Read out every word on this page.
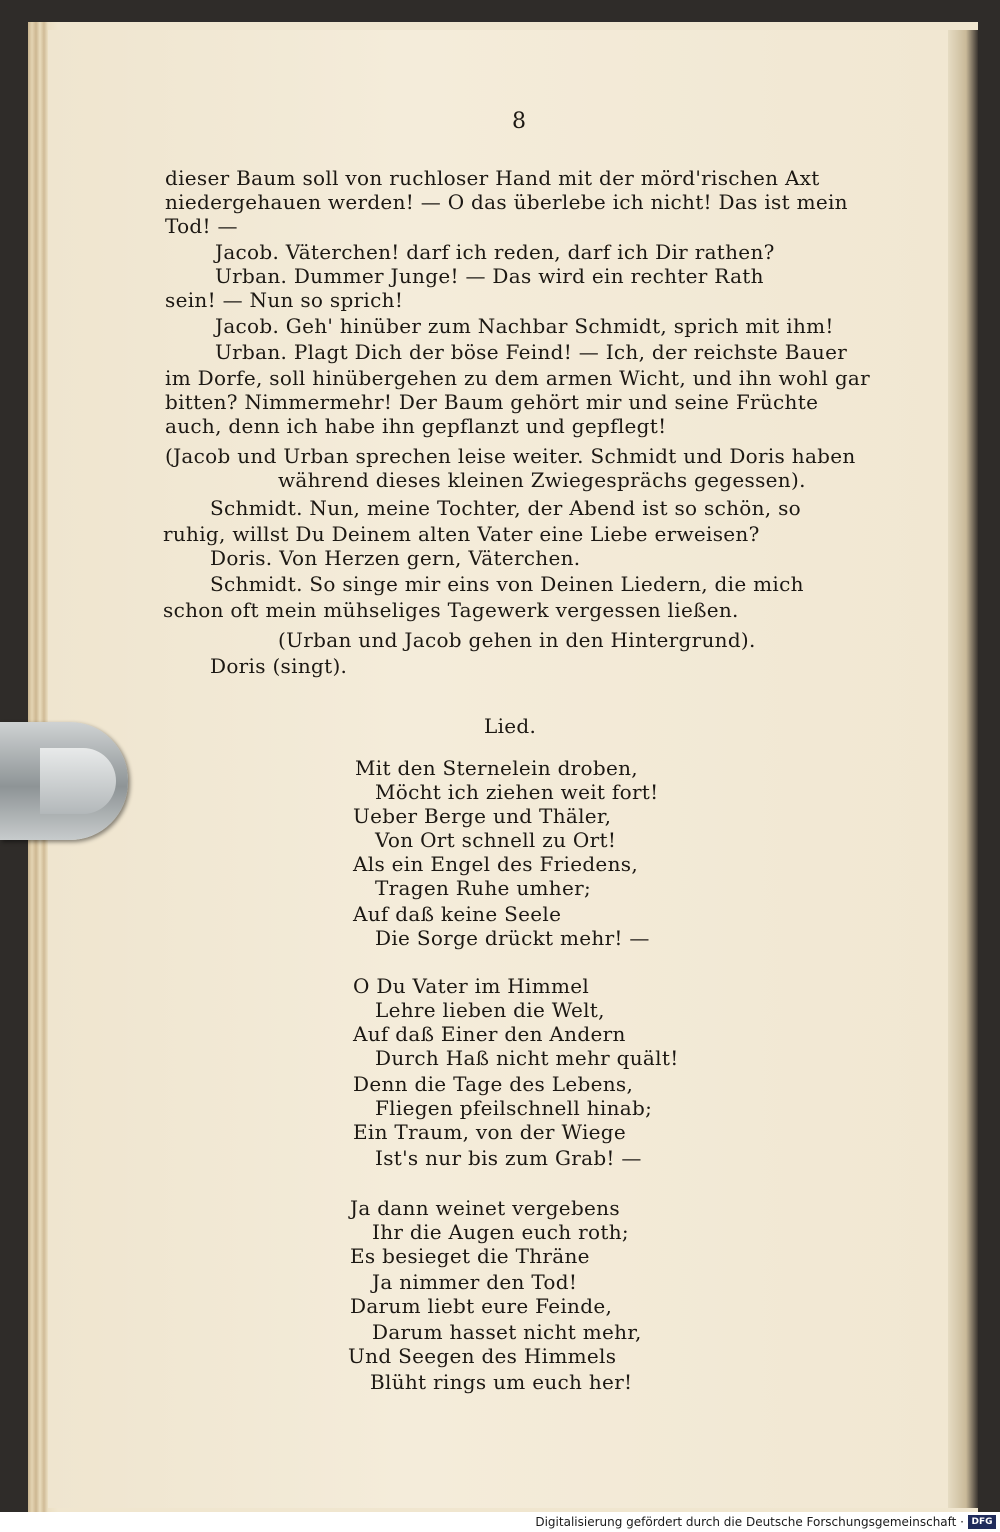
8
dieser Baum soll von ruchloser Hand mit der mörd'rischen Axt
niedergehauen werden! — O das überlebe ich nicht! Das ist mein
Tod! —
Jacob. Väterchen! darf ich reden, darf ich Dir rathen?
Urban. Dummer Junge! — Das wird ein rechter Rath
sein! — Nun so sprich!
Jacob. Geh' hinüber zum Nachbar Schmidt, sprich mit ihm!
Urban. Plagt Dich der böse Feind! — Ich, der reichste Bauer
im Dorfe, soll hinübergehen zu dem armen Wicht, und ihn wohl gar
bitten? Nimmermehr! Der Baum gehört mir und seine Früchte
auch, denn ich habe ihn gepflanzt und gepflegt!
(Jacob und Urban sprechen leise weiter. Schmidt und Doris haben
während dieses kleinen Zwiegesprächs gegessen).
Schmidt. Nun, meine Tochter, der Abend ist so schön, so
ruhig, willst Du Deinem alten Vater eine Liebe erweisen?
Doris. Von Herzen gern, Väterchen.
Schmidt. So singe mir eins von Deinen Liedern, die mich
schon oft mein mühseliges Tagewerk vergessen ließen.
(Urban und Jacob gehen in den Hintergrund).
Doris (singt).
Lied.
Mit den Sternelein droben,
Möcht ich ziehen weit fort!
Ueber Berge und Thäler,
Von Ort schnell zu Ort!
Als ein Engel des Friedens,
Tragen Ruhe umher;
Auf daß keine Seele
Die Sorge drückt mehr! —
O Du Vater im Himmel
Lehre lieben die Welt,
Auf daß Einer den Andern
Durch Haß nicht mehr quält!
Denn die Tage des Lebens,
Fliegen pfeilschnell hinab;
Ein Traum, von der Wiege
Ist's nur bis zum Grab! —
Ja dann weinet vergebens
Ihr die Augen euch roth;
Es besieget die Thräne
Ja nimmer den Tod!
Darum liebt eure Feinde,
Darum hasset nicht mehr,
Und Seegen des Himmels
Blüht rings um euch her!
Digitalisierung gefördert durch die Deutsche Forschungsgemeinschaft · DFG
